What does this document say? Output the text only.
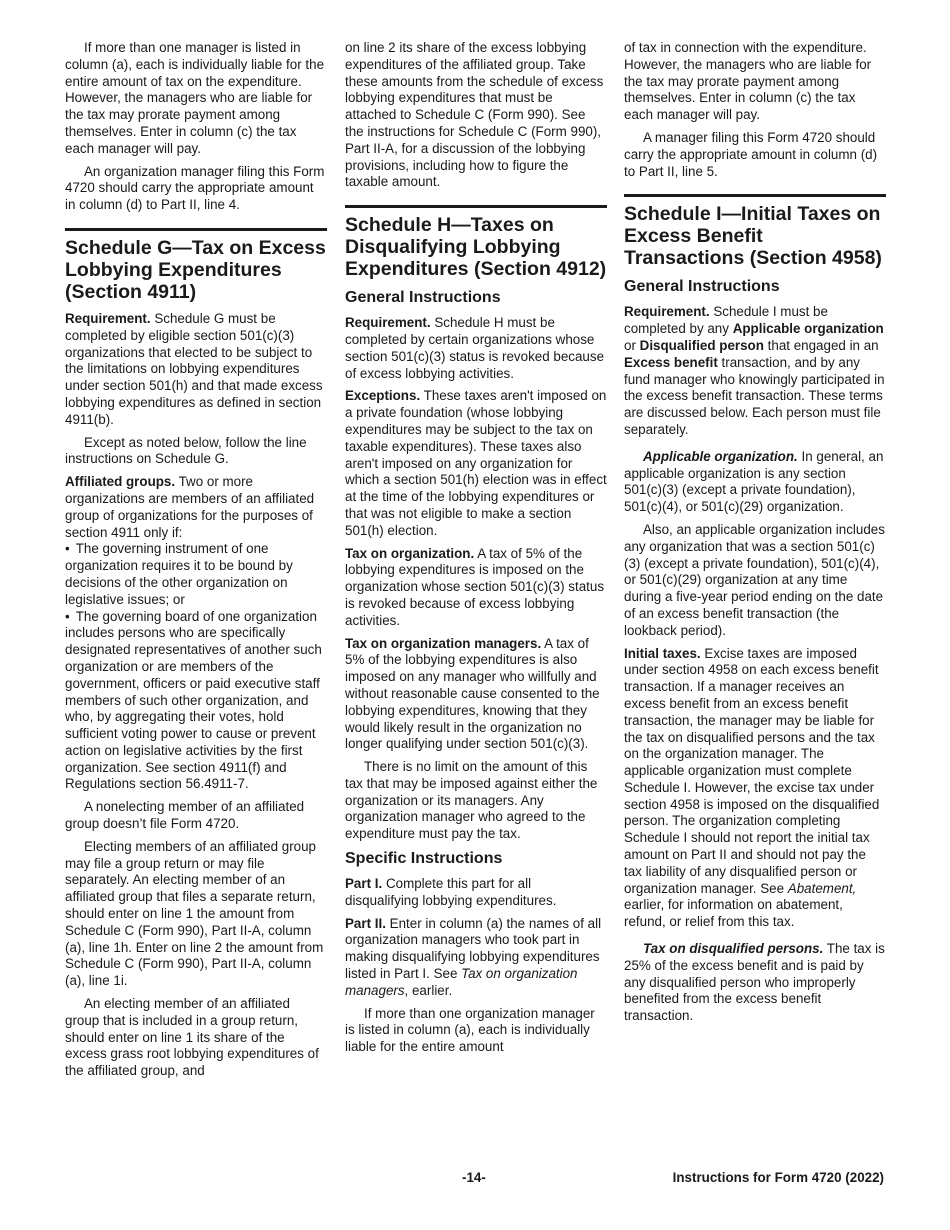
If more than one manager is listed in column (a), each is individually liable for the entire amount of tax on the expenditure. However, the managers who are liable for the tax may prorate payment among themselves. Enter in column (c) the tax each manager will pay.

An organization manager filing this Form 4720 should carry the appropriate amount in column (d) to Part II, line 4.

Schedule G—Tax on Excess Lobbying Expenditures (Section 4911)

Requirement. Schedule G must be completed by eligible section 501(c)(3) organizations that elected to be subject to the limitations on lobbying expenditures under section 501(h) and that made excess lobbying expenditures as defined in section 4911(b).

Except as noted below, follow the line instructions on Schedule G.

Affiliated groups. Two or more organizations are members of an affiliated group of organizations for the purposes of section 4911 only if:
• The governing instrument of one organization requires it to be bound by decisions of the other organization on legislative issues; or
• The governing board of one organization includes persons who are specifically designated representatives of another such organization or are members of the government, officers or paid executive staff members of such other organization, and who, by aggregating their votes, hold sufficient voting power to cause or prevent action on legislative activities by the first organization. See section 4911(f) and Regulations section 56.4911-7.

A nonelecting member of an affiliated group doesn’t file Form 4720.

Electing members of an affiliated group may file a group return or may file separately. An electing member of an affiliated group that files a separate return, should enter on line 1 the amount from Schedule C (Form 990), Part II-A, column (a), line 1h. Enter on line 2 the amount from Schedule C (Form 990), Part II-A, column (a), line 1i.

An electing member of an affiliated group that is included in a group return, should enter on line 1 its share of the excess grass root lobbying expenditures of the affiliated group, and

on line 2 its share of the excess lobbying expenditures of the affiliated group. Take these amounts from the schedule of excess lobbying expenditures that must be attached to Schedule C (Form 990). See the instructions for Schedule C (Form 990), Part II-A, for a discussion of the lobbying provisions, including how to figure the taxable amount.

Schedule H—Taxes on Disqualifying Lobbying Expenditures (Section 4912)
General Instructions

Requirement. Schedule H must be completed by certain organizations whose section 501(c)(3) status is revoked because of excess lobbying activities.

Exceptions. These taxes aren't imposed on a private foundation (whose lobbying expenditures may be subject to the tax on taxable expenditures). These taxes also aren't imposed on any organization for which a section 501(h) election was in effect at the time of the lobbying expenditures or that was not eligible to make a section 501(h) election.

Tax on organization. A tax of 5% of the lobbying expenditures is imposed on the organization whose section 501(c)(3) status is revoked because of excess lobbying activities.

Tax on organization managers. A tax of 5% of the lobbying expenditures is also imposed on any manager who willfully and without reasonable cause consented to the lobbying expenditures, knowing that they would likely result in the organization no longer qualifying under section 501(c)(3).

There is no limit on the amount of this tax that may be imposed against either the organization or its managers. Any organization manager who agreed to the expenditure must pay the tax.

Specific Instructions

Part I. Complete this part for all disqualifying lobbying expenditures.

Part II. Enter in column (a) the names of all organization managers who took part in making disqualifying lobbying expenditures listed in Part I. See Tax on organization managers, earlier.

If more than one organization manager is listed in column (a), each is individually liable for the entire amount

of tax in connection with the expenditure. However, the managers who are liable for the tax may prorate payment among themselves. Enter in column (c) the tax each manager will pay.

A manager filing this Form 4720 should carry the appropriate amount in column (d) to Part II, line 5.

Schedule I—Initial Taxes on Excess Benefit Transactions (Section 4958)
General Instructions

Requirement. Schedule I must be completed by any Applicable organization or Disqualified person that engaged in an Excess benefit transaction, and by any fund manager who knowingly participated in the excess benefit transaction. These terms are discussed below. Each person must file separately.

Applicable organization. In general, an applicable organization is any section 501(c)(3) (except a private foundation), 501(c)(4), or 501(c)(29) organization.

Also, an applicable organization includes any organization that was a section 501(c)(3) (except a private foundation), 501(c)(4), or 501(c)(29) organization at any time during a five-year period ending on the date of an excess benefit transaction (the lookback period).

Initial taxes. Excise taxes are imposed under section 4958 on each excess benefit transaction. If a manager receives an excess benefit from an excess benefit transaction, the manager may be liable for the tax on disqualified persons and the tax on the organization manager. The applicable organization must complete Schedule I. However, the excise tax under section 4958 is imposed on the disqualified person. The organization completing Schedule I should not report the initial tax amount on Part II and should not pay the tax liability of any disqualified person or organization manager. See Abatement, earlier, for information on abatement, refund, or relief from this tax.

Tax on disqualified persons. The tax is 25% of the excess benefit and is paid by any disqualified person who improperly benefited from the excess benefit transaction.

-14-	Instructions for Form 4720 (2022)
